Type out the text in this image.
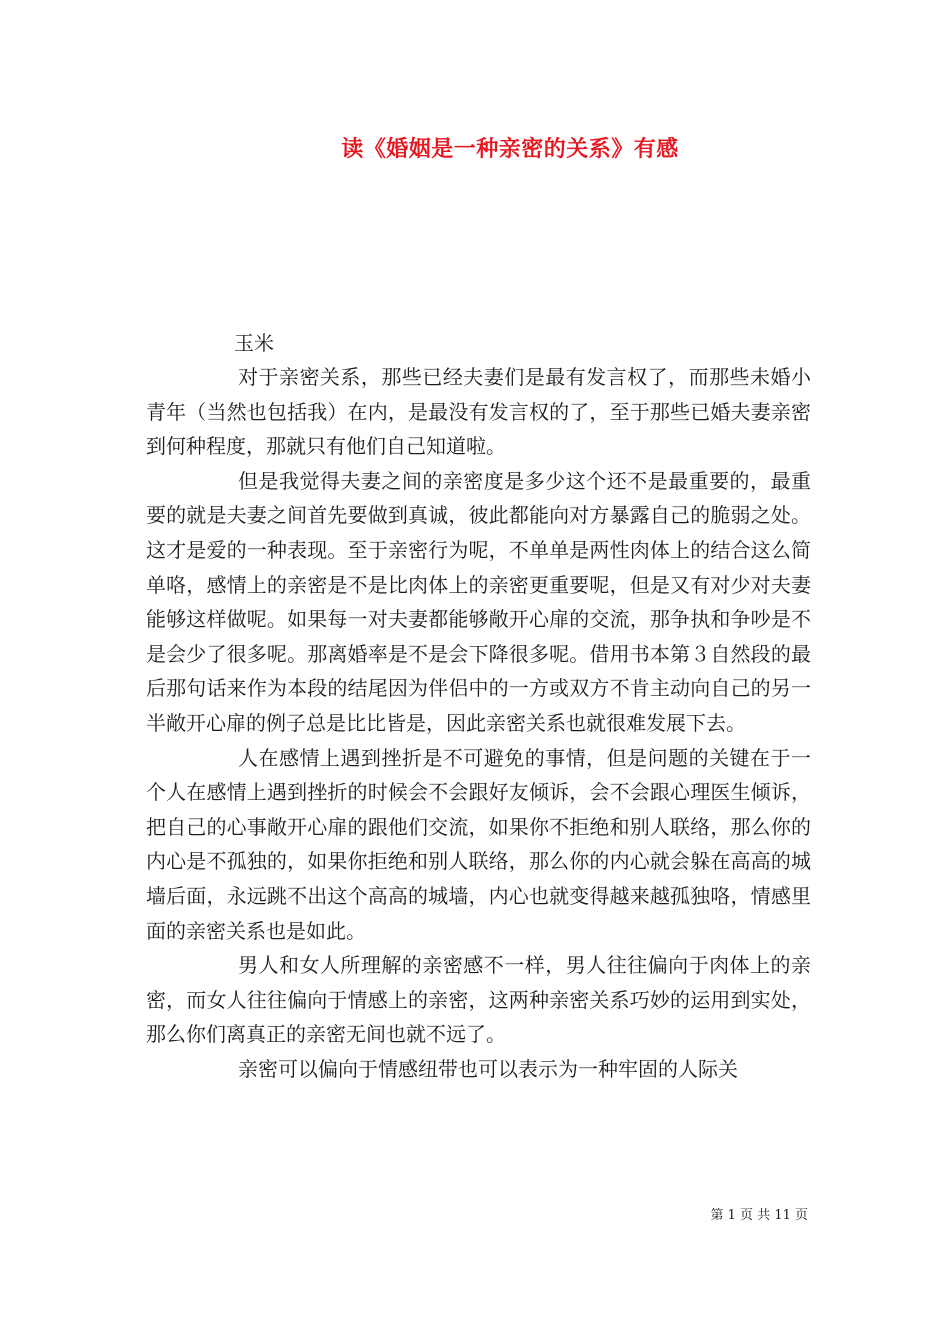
读《婚姻是一种亲密的关系》有感
玉米

对于亲密关系，那些已经夫妻们是最有发言权了，而那些未婚小青年（当然也包括我）在内，是最没有发言权的了，至于那些已婚夫妻亲密到何种程度，那就只有他们自己知道啦。

但是我觉得夫妻之间的亲密度是多少这个还不是最重要的，最重要的就是夫妻之间首先要做到真诚，彼此都能向对方暴露自己的脆弱之处。这才是爱的一种表现。至于亲密行为呢，不单单是两性肉体上的结合这么简单咯，感情上的亲密是不是比肉体上的亲密更重要呢，但是又有对少对夫妻能够这样做呢。如果每一对夫妻都能够敞开心扉的交流，那争执和争吵是不是会少了很多呢。那离婚率是不是会下降很多呢。借用书本第３自然段的最后那句话来作为本段的结尾因为伴侣中的一方或双方不肯主动向自己的另一半敞开心扉的例子总是比比皆是，因此亲密关系也就很难发展下去。

人在感情上遇到挫折是不可避免的事情，但是问题的关键在于一个人在感情上遇到挫折的时候会不会跟好友倾诉，会不会跟心理医生倾诉，把自己的心事敞开心扉的跟他们交流，如果你不拒绝和别人联络，那么你的内心是不孤独的，如果你拒绝和别人联络，那么你的内心就会躲在高高的城墙后面，永远跳不出这个高高的城墙，内心也就变得越来越孤独咯，情感里面的亲密关系也是如此。

男人和女人所理解的亲密感不一样，男人往往偏向于肉体上的亲密，而女人往往偏向于情感上的亲密，这两种亲密关系巧妙的运用到实处，那么你们离真正的亲密无间也就不远了。

亲密可以偏向于情感纽带也可以表示为一种牢固的人际关

第 1 页 共 11 页
